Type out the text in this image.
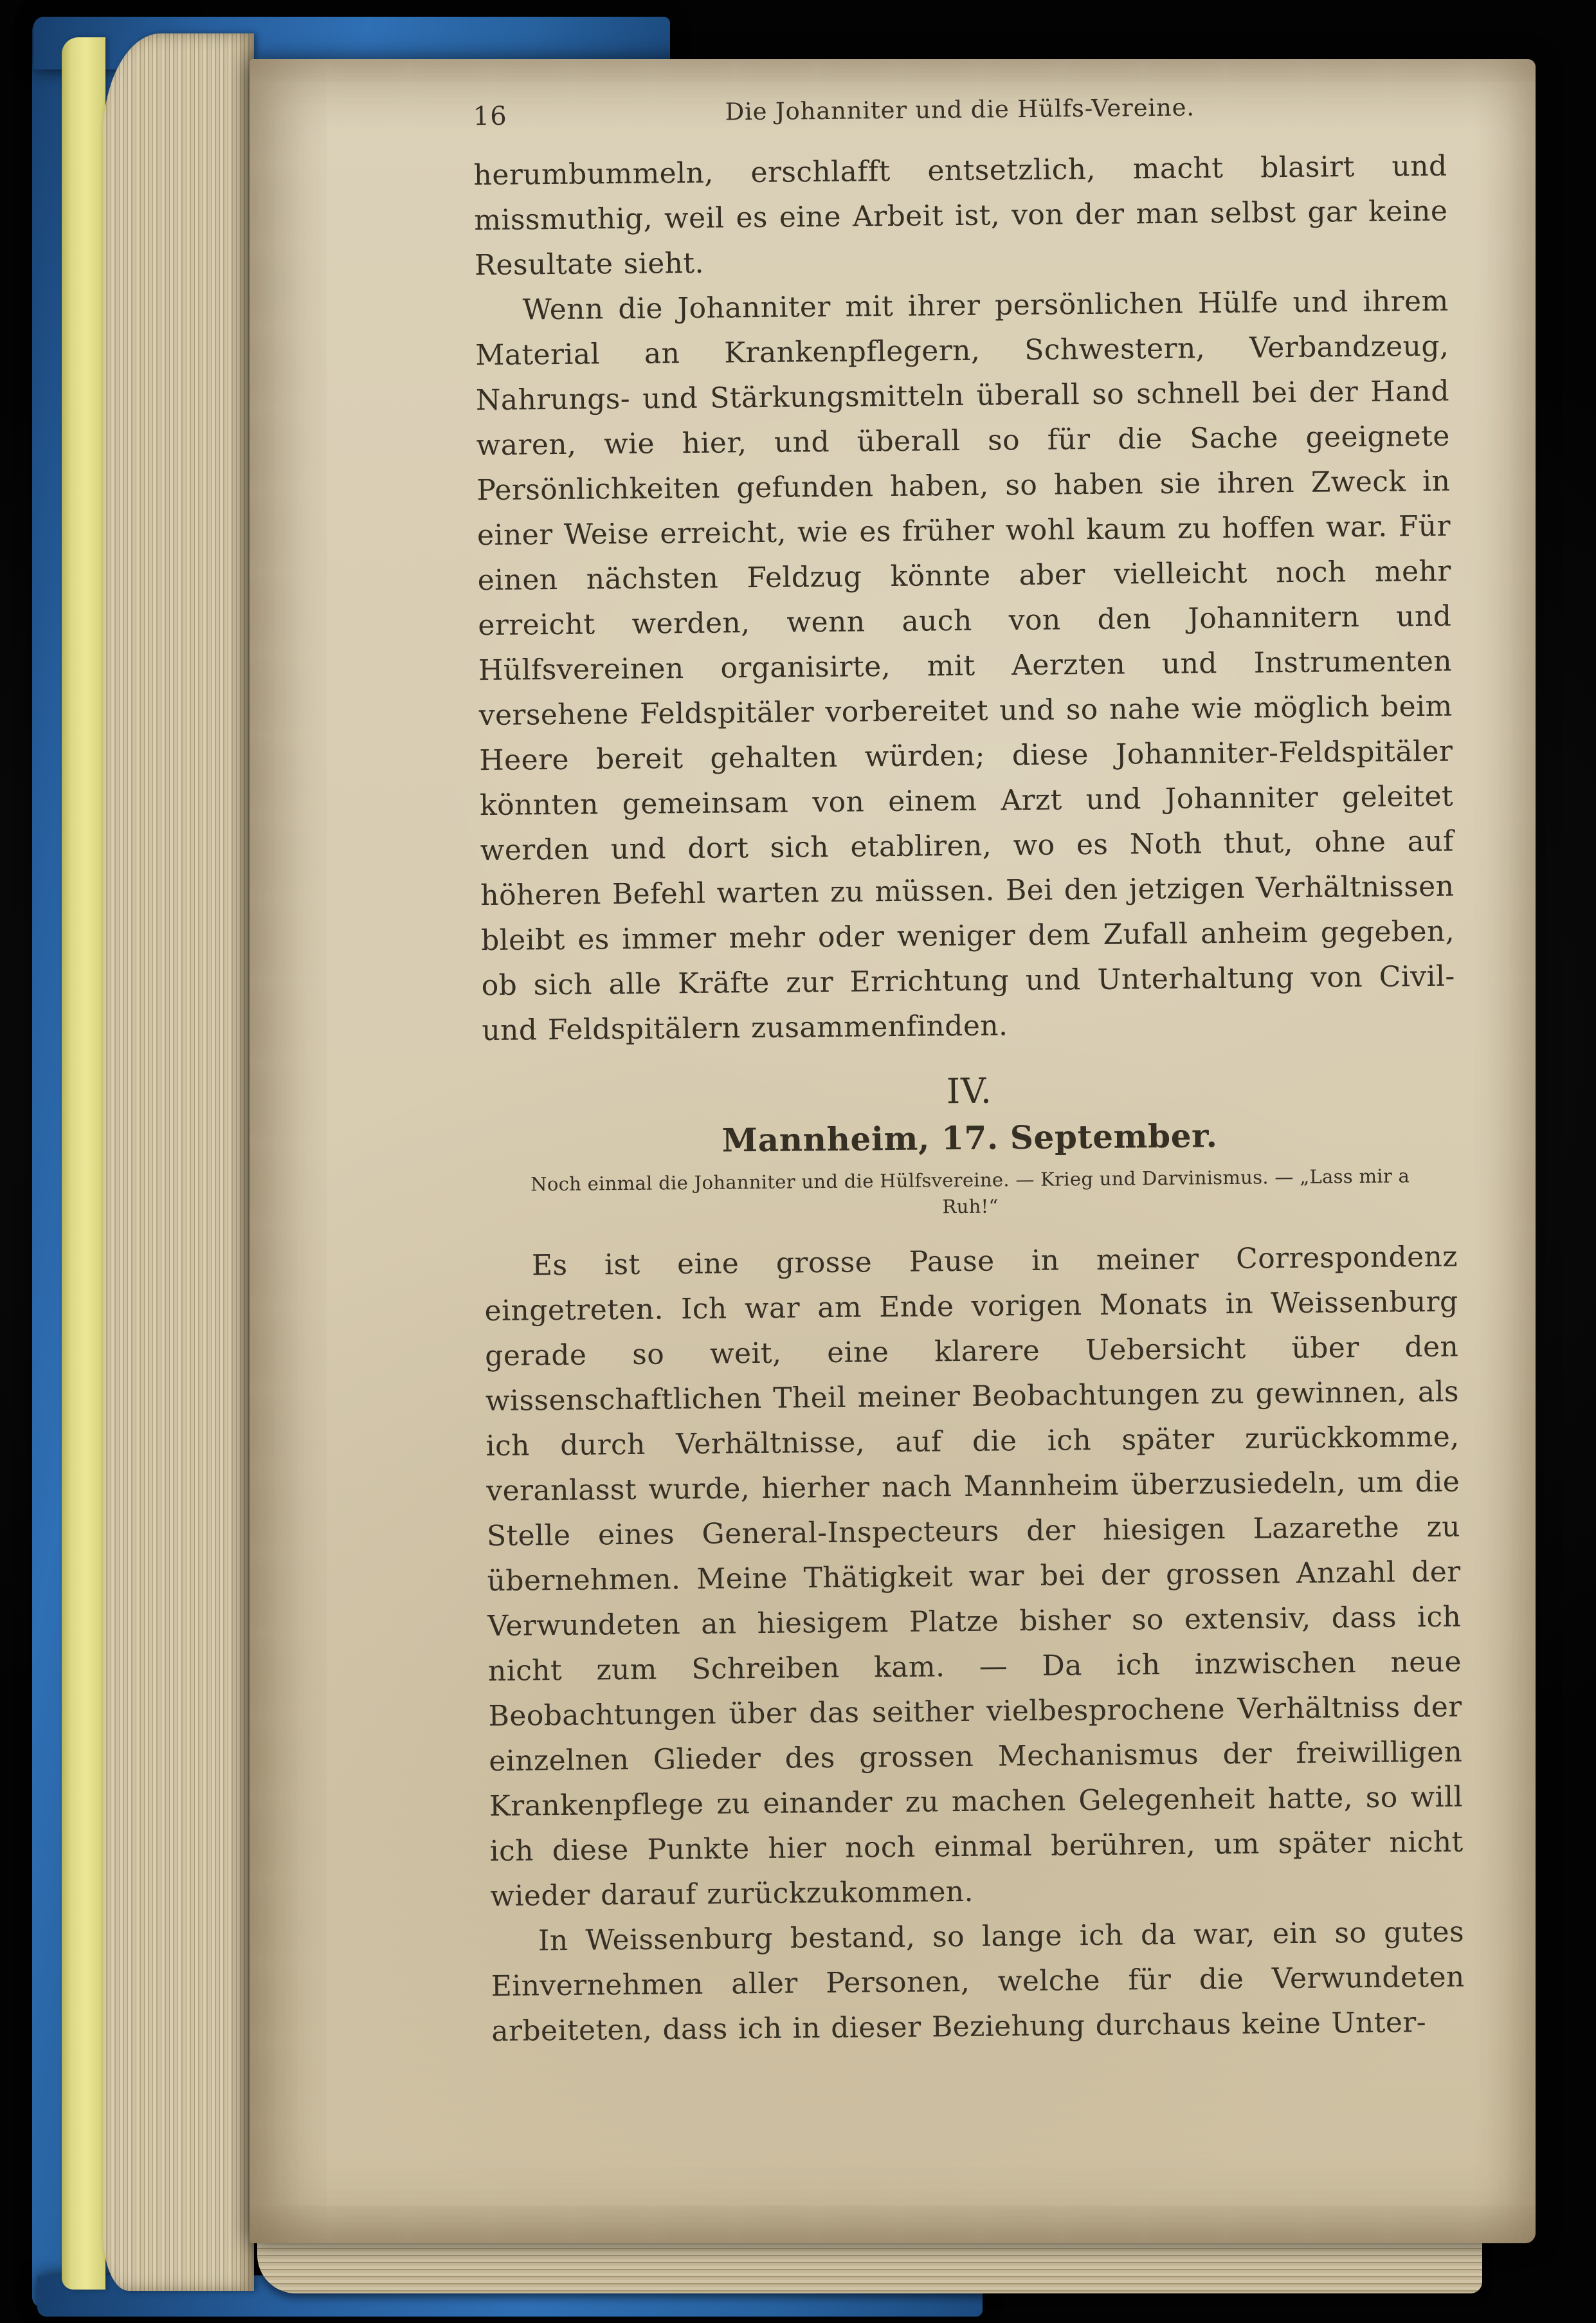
16	Die Johanniter und die Hülfs-Vereine.

herumbummeln, erschlafft entsetzlich, macht blasirt und missmuthig, weil es eine Arbeit ist, von der man selbst gar keine Resultate sieht.

Wenn die Johanniter mit ihrer persönlichen Hülfe und ihrem Material an Krankenpflegern, Schwestern, Verbandzeug, Nahrungs- und Stärkungsmitteln überall so schnell bei der Hand waren, wie hier, und überall so für die Sache geeignete Persönlichkeiten gefunden haben, so haben sie ihren Zweck in einer Weise erreicht, wie es früher wohl kaum zu hoffen war. Für einen nächsten Feldzug könnte aber vielleicht noch mehr erreicht werden, wenn auch von den Johannitern und Hülfsvereinen organisirte, mit Aerzten und Instrumenten versehene Feldspitäler vorbereitet und so nahe wie möglich beim Heere bereit gehalten würden; diese Johanniter-Feldspitäler könnten gemeinsam von einem Arzt und Johanniter geleitet werden und dort sich etabliren, wo es Noth thut, ohne auf höheren Befehl warten zu müssen. Bei den jetzigen Verhältnissen bleibt es immer mehr oder weniger dem Zufall anheim gegeben, ob sich alle Kräfte zur Errichtung und Unterhaltung von Civil- und Feldspitälern zusammenfinden.

IV.
Mannheim, 17. September.
Noch einmal die Johanniter und die Hülfsvereine. — Krieg und Darvinismus. — „Lass mir a Ruh!“

Es ist eine grosse Pause in meiner Correspondenz eingetreten. Ich war am Ende vorigen Monats in Weissenburg gerade so weit, eine klarere Uebersicht über den wissenschaftlichen Theil meiner Beobachtungen zu gewinnen, als ich durch Verhältnisse, auf die ich später zurückkomme, veranlasst wurde, hierher nach Mannheim überzusiedeln, um die Stelle eines General-Inspecteurs der hiesigen Lazarethe zu übernehmen. Meine Thätigkeit war bei der grossen Anzahl der Verwundeten an hiesigem Platze bisher so extensiv, dass ich nicht zum Schreiben kam. — Da ich inzwischen neue Beobachtungen über das seither vielbesprochene Verhältniss der einzelnen Glieder des grossen Mechanismus der freiwilligen Krankenpflege zu einander zu machen Gelegenheit hatte, so will ich diese Punkte hier noch einmal berühren, um später nicht wieder darauf zurückzukommen.

In Weissenburg bestand, so lange ich da war, ein so gutes Einvernehmen aller Personen, welche für die Verwundeten arbeiteten, dass ich in dieser Beziehung durchaus keine Unter-
